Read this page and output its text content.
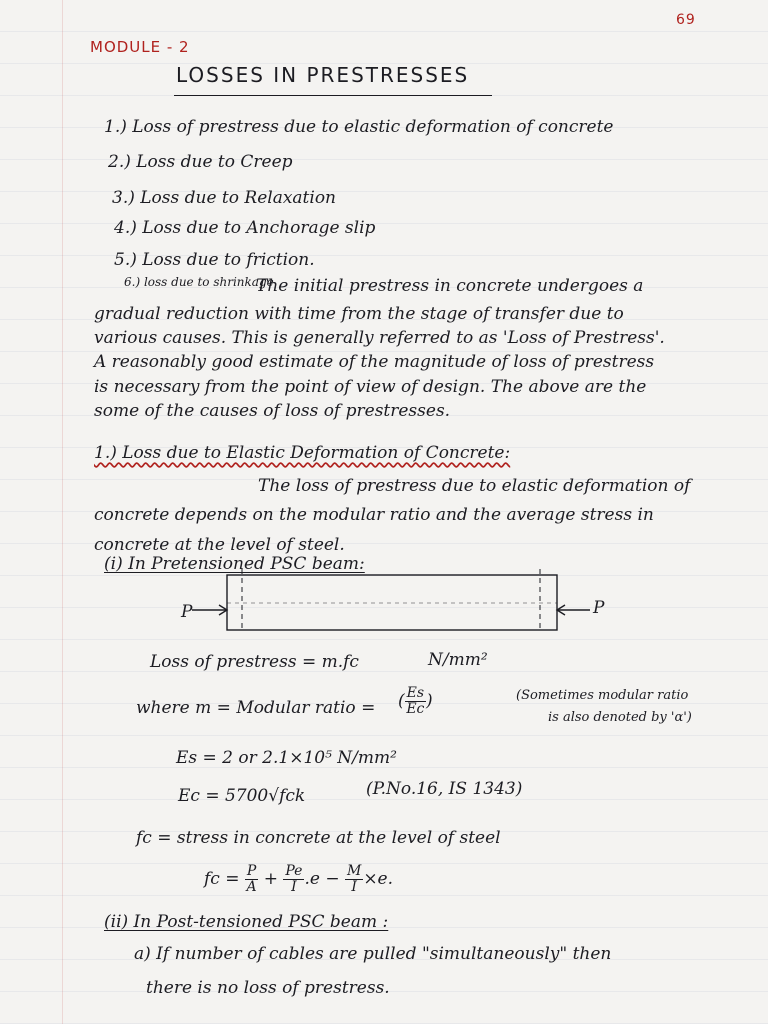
69
MODULE - 2
LOSSES IN PRESTRESSES
1.) Loss of prestress due to elastic deformation of concrete
2.) Loss due to Creep
3.) Loss due to Relaxation
4.) Loss due to Anchorage slip
5.) Loss due to friction.
6.) loss due to shrinkage
The initial prestress in concrete undergoes a
gradual reduction with time from the stage of transfer due to
various causes. This is generally referred to as 'Loss of Prestress'.
A reasonably good estimate of the magnitude of loss of prestress
is necessary from the point of view of design. The above are the
some of the causes of loss of prestresses.
1.) Loss due to Elastic Deformation of Concrete:
The loss of prestress due to elastic deformation of
concrete depends on the modular ratio and the average stress in
concrete at the level of steel.
(i) In Pretensioned PSC beam:
P	P
Loss of prestress = m.fc	N/mm²
where m = Modular ratio = ( $\frac{Es}{Ec}$ )	(Sometimes modular ratio
is also denoted by 'α')
Es = 2 or 2.1×10⁵ N/mm²
Ec = 5700√fck	(P.No.16, IS 1343)
fc = stress in concrete at the level of steel
fc = $\frac{P}{A} + \frac{Pe}{I} .e - \frac{M}{I} \times e$.
(ii) In Post-tensioned PSC beam :
a) If number of cables are pulled "simultaneously" then
there is no loss of prestress.
